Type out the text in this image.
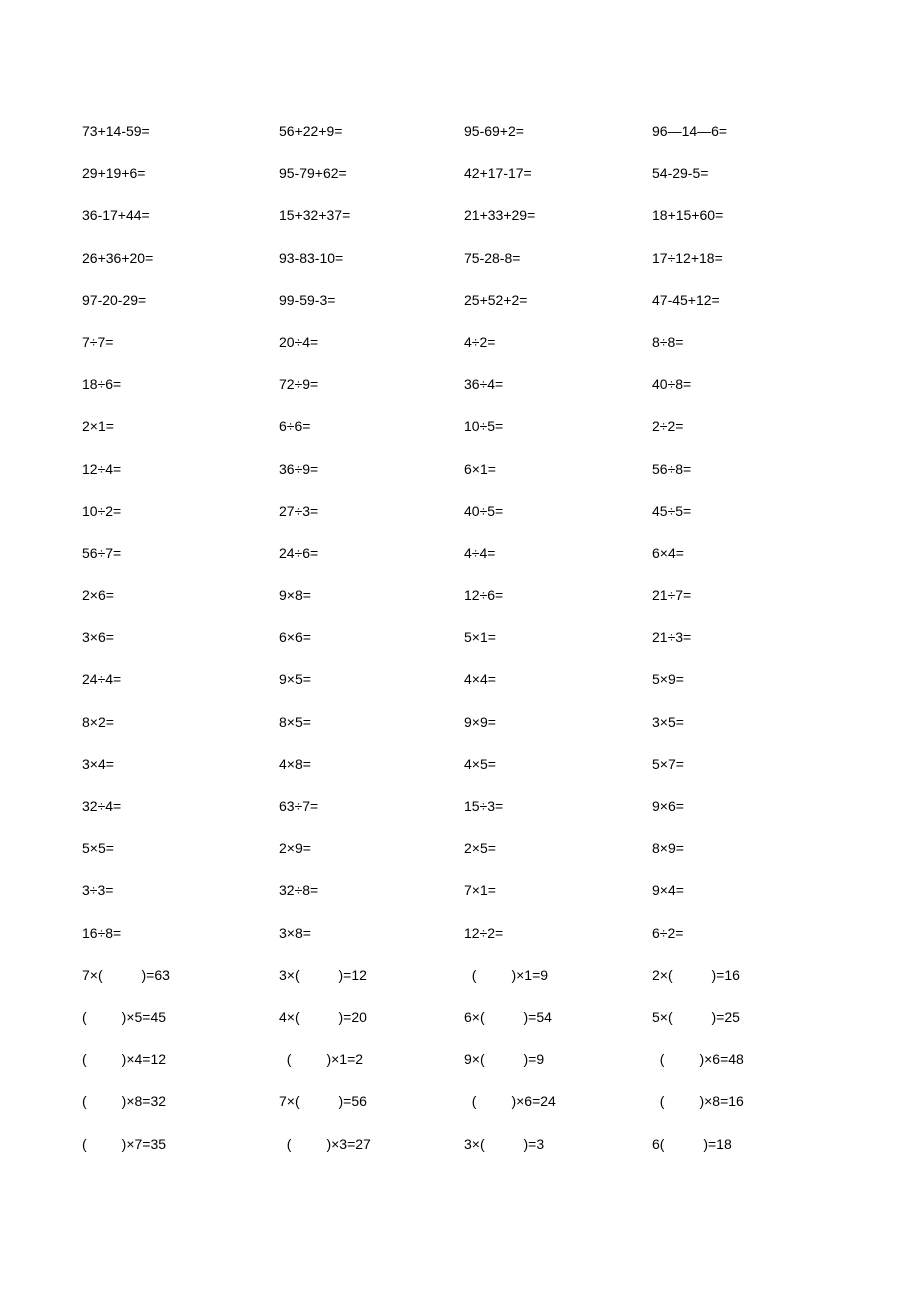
73+14-59=	56+22+9=	95-69+2=	96—14—6=
29+19+6=	95-79+62=	42+17-17=	54-29-5=
36-17+44=	15+32+37=	21+33+29=	18+15+60=
26+36+20=	93-83-10=	75-28-8=	17÷12+18=
97-20-29=	99-59-3=	25+52+2=	47-45+12=
7÷7=	20÷4=	4÷2=	8÷8=
18÷6=	72÷9=	36÷4=	40÷8=
2×1=	6÷6=	10÷5=	2÷2=
12÷4=	36÷9=	6×1=	56÷8=
10÷2=	27÷3=	40÷5=	45÷5=
56÷7=	24÷6=	4÷4=	6×4=
2×6=	9×8=	12÷6=	21÷7=
3×6=	6×6=	5×1=	21÷3=
24÷4=	9×5=	4×4=	5×9=
8×2=	8×5=	9×9=	3×5=
3×4=	4×8=	4×5=	5×7=
32÷4=	63÷7=	15÷3=	9×6=
5×5=	2×9=	2×5=	8×9=
3÷3=	32÷8=	7×1=	9×4=
16÷8=	3×8=	12÷2=	6÷2=
7×(          )=63	3×(          )=12	(         )×1=9	2×(          )=16
(         )×5=45	4×(          )=20	6×(          )=54	5×(          )=25
(         )×4=12	(         )×1=2	9×(          )=9	(         )×6=48
(         )×8=32	7×(          )=56	(         )×6=24	(         )×8=16
(         )×7=35	(         )×3=27	3×(          )=3	6(          )=18
